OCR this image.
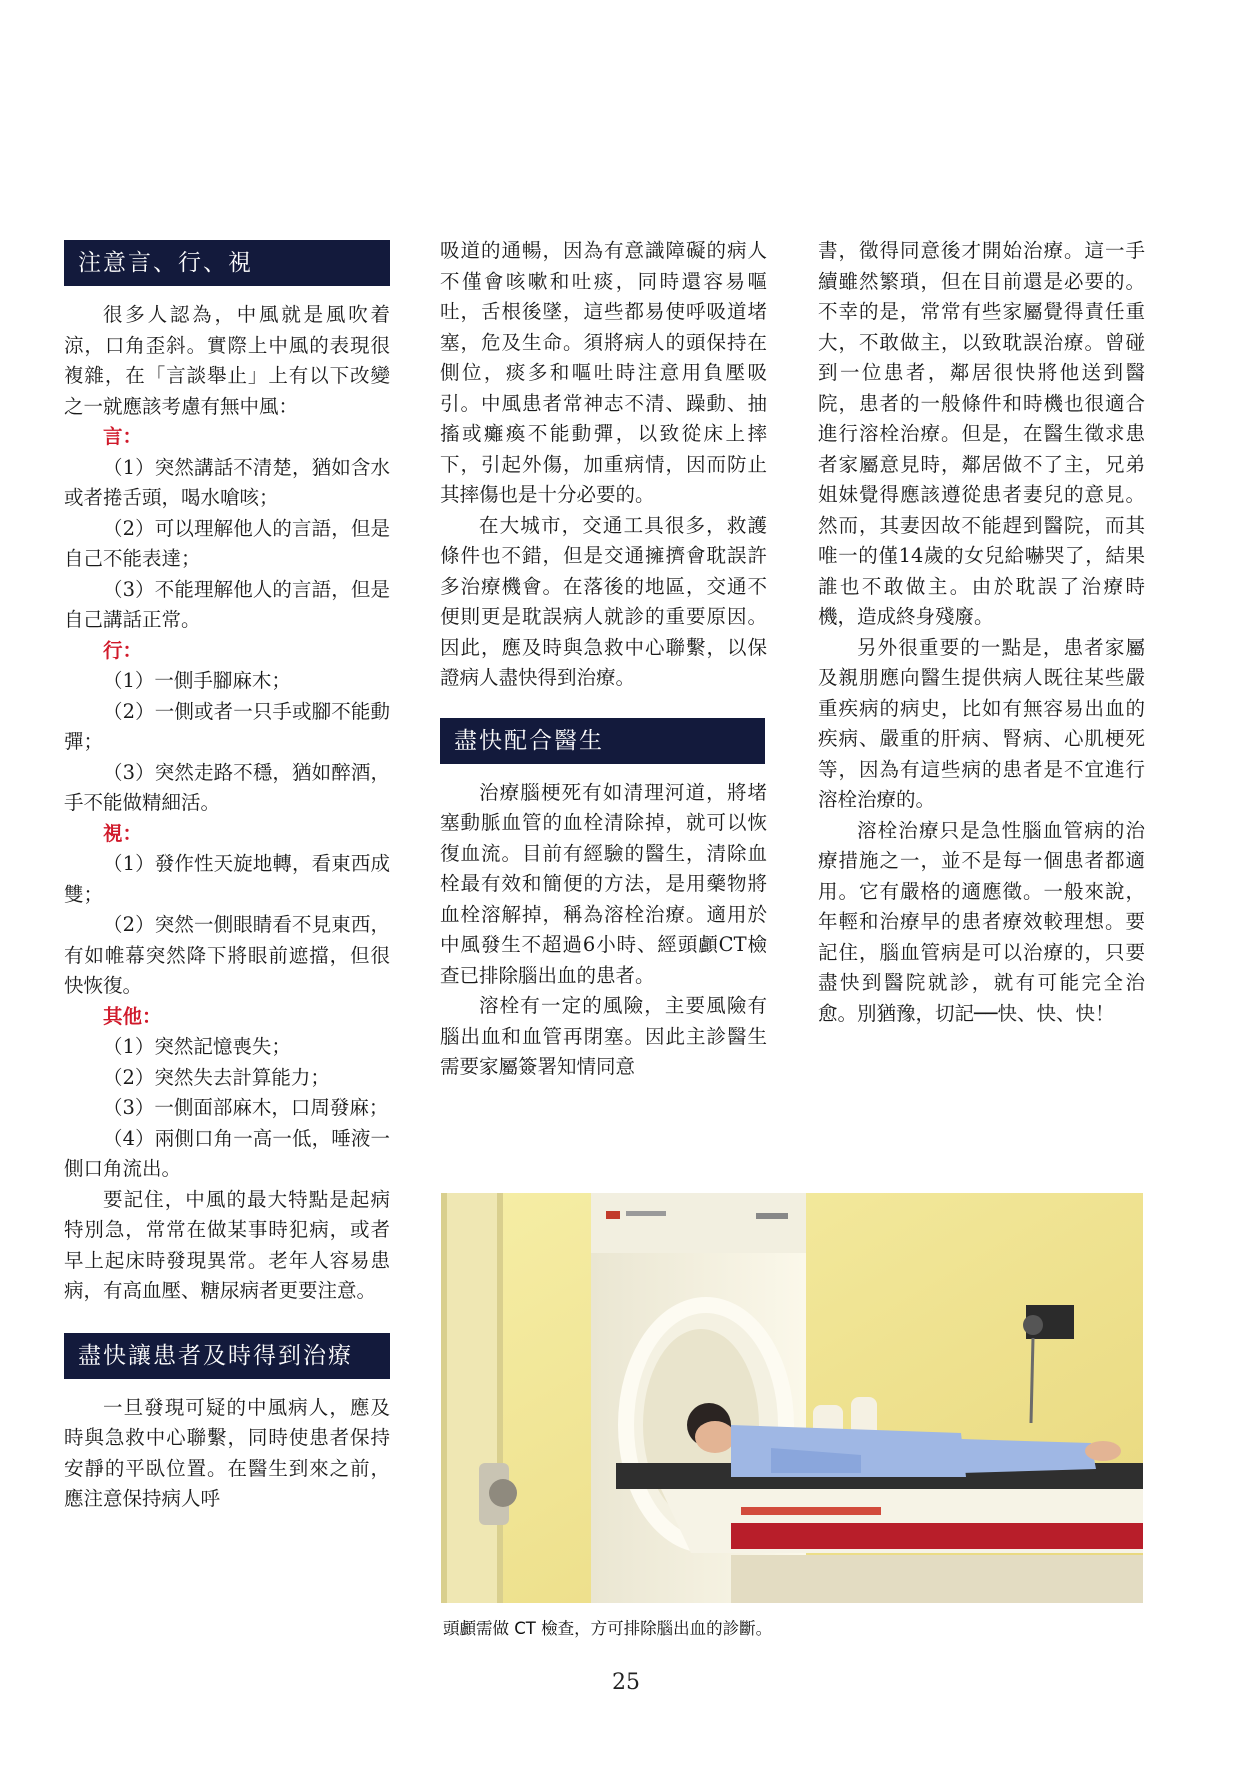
注意言、行、視

很多人認為，中風就是風吹着涼，口角歪斜。實際上中風的表現很複雜，在「言談舉止」上有以下改變之一就應該考慮有無中風：

言：

（1）突然講話不清楚，猶如含水或者捲舌頭，喝水嗆咳；

（2）可以理解他人的言語，但是自己不能表達；

（3）不能理解他人的言語，但是自己講話正常。

行：

（1）一側手腳麻木；

（2）一側或者一只手或腳不能動彈；

（3）突然走路不穩，猶如醉酒，手不能做精細活。

視：

（1）發作性天旋地轉，看東西成雙；

（2）突然一側眼睛看不見東西，有如帷幕突然降下將眼前遮擋，但很快恢復。

其他：

（1）突然記憶喪失；

（2）突然失去計算能力；

（3）一側面部麻木，口周發麻；

（4）兩側口角一高一低，唾液一側口角流出。

要記住，中風的最大特點是起病特別急，常常在做某事時犯病，或者早上起床時發現異常。老年人容易患病，有高血壓、糖尿病者更要注意。

盡快讓患者及時得到治療

一旦發現可疑的中風病人，應及時與急救中心聯繫，同時使患者保持安靜的平臥位置。在醫生到來之前，應注意保持病人呼

吸道的通暢，因為有意識障礙的病人不僅會咳嗽和吐痰，同時還容易嘔吐，舌根後墜，這些都易使呼吸道堵塞，危及生命。須將病人的頭保持在側位，痰多和嘔吐時注意用負壓吸引。中風患者常神志不清、躁動、抽搐或癱瘓不能動彈，以致從床上摔下，引起外傷，加重病情，因而防止其摔傷也是十分必要的。

在大城市，交通工具很多，救護條件也不錯，但是交通擁擠會耽誤許多治療機會。在落後的地區，交通不便則更是耽誤病人就診的重要原因。因此，應及時與急救中心聯繫，以保證病人盡快得到治療。

盡快配合醫生

治療腦梗死有如清理河道，將堵塞動脈血管的血栓清除掉，就可以恢復血流。目前有經驗的醫生，清除血栓最有效和簡便的方法，是用藥物將血栓溶解掉，稱為溶栓治療。適用於中風發生不超過6小時、經頭顱CT檢查已排除腦出血的患者。

溶栓有一定的風險，主要風險有腦出血和血管再閉塞。因此主診醫生需要家屬簽署知情同意

書，徵得同意後才開始治療。這一手續雖然繁瑣，但在目前還是必要的。不幸的是，常常有些家屬覺得責任重大，不敢做主，以致耽誤治療。曾碰到一位患者，鄰居很快將他送到醫院，患者的一般條件和時機也很適合進行溶栓治療。但是，在醫生徵求患者家屬意見時，鄰居做不了主，兄弟姐妹覺得應該遵從患者妻兒的意見。然而，其妻因故不能趕到醫院，而其唯一的僅14歲的女兒給嚇哭了，結果誰也不敢做主。由於耽誤了治療時機，造成終身殘廢。

另外很重要的一點是，患者家屬及親朋應向醫生提供病人既往某些嚴重疾病的病史，比如有無容易出血的疾病、嚴重的肝病、腎病、心肌梗死等，因為有這些病的患者是不宜進行溶栓治療的。

溶栓治療只是急性腦血管病的治療措施之一，並不是每一個患者都適用。它有嚴格的適應徵。一般來說，年輕和治療早的患者療效較理想。要記住，腦血管病是可以治療的，只要盡快到醫院就診，就有可能完全治愈。別猶豫，切記──快、快、快！

頭顱需做 CT 檢查，方可排除腦出血的診斷。
25
